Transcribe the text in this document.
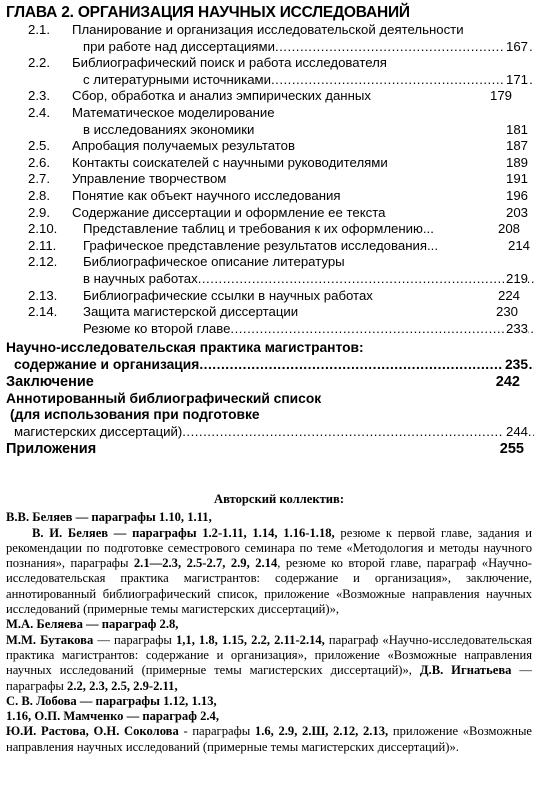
ГЛАВА 2. ОРГАНИЗАЦИЯ НАУЧНЫХ ИССЛЕДОВАНИЙ
2.1.	Планирование и организация исследовательской деятельности
при работе над диссертациями .....	167
2.2.	Библиографический поиск и работа исследователя
с литературными источниками .....	171
2.3.	Сбор, обработка и анализ эмпирических данных	179
2.4.	Математическое моделирование
в исследованиях экономики	181
2.5.	Апробация получаемых результатов	187
2.6.	Контакты соискателей с научными руководителями	189
2.7.	Управление творчеством	191
2.8.	Понятие как объект научного исследования	196
2.9.	Содержание диссертации и оформление ее текста	203
2.10.	Представление таблиц и требования к их оформлению...	208
2.11.	Графическое представление результатов исследования...	214
2.12.	Библиографическое описание литературы
в научных работах .....	219
2.13.	Библиографические ссылки в научных работах	224
2.14.	Защита магистерской диссертации	230
Резюме ко второй главе .....	233
Научно-исследовательская практика магистрантов:
содержание и организация .....	235
Заключение	242
Аннотированный библиографический список
(для использования при подготовке
магистерских диссертаций) .....	244
Приложения	255
Авторский коллектив:

В.В. Беляев — параграфы 1.10, 1.11,

В. И. Беляев — параграфы 1.2-1.11, 1.14, 1.16-1.18, резюме к первой главе, задания и рекомендации по подготовке семестрового семинара по теме «Методология и методы научного познания», параграфы 2.1—2.3, 2.5-2.7, 2.9, 2.14, резюме ко второй главе, параграф «Научно-исследовательская практика магистрантов: содержание и организация», заключение, аннотированный библиографический список, приложение «Возможные направления научных исследований (примерные темы магистерских диссертаций)»,

М.А. Беляева — параграф 2.8,

М.М. Бутакова — параграфы 1,1, 1.8, 1.15, 2.2, 2.11-2.14, параграф «Научно-исследовательская практика магистрантов: содержание и организация», приложение «Возможные направления научных исследований (примерные темы магистерских диссертаций)», Д.В. Игнатьева — параграфы 2.2, 2.3, 2.5, 2.9-2.11,

С. В. Лобова — параграфы 1.12, 1.13,

1.16, О.П. Мамченко — параграф 2.4,

Ю.И. Растова, О.Н. Соколова - параграфы 1.6, 2.9, 2.Ш, 2.12, 2.13, приложение «Возможные направления научных исследований (примерные темы магистерских диссертаций)».
